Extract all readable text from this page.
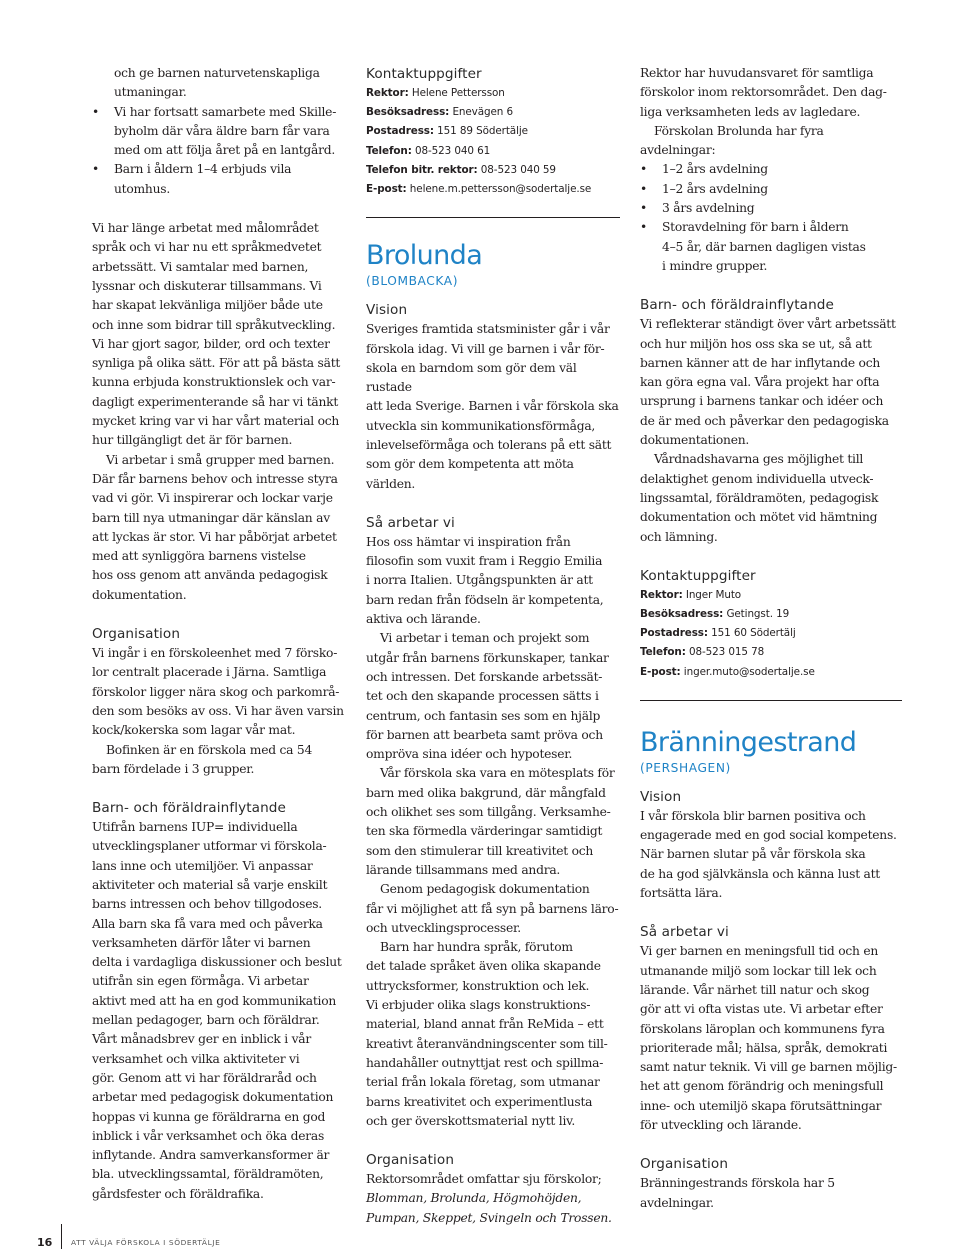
och ge barnen naturvetenskapliga

utmaningar.

• Vi har fortsatt samarbete med Skille-
byholm där våra äldre barn får vara
med om att följa året på en lantgård.
• Barn i åldern 1–4 erbjuds vila
utomhus.

Vi har länge arbetat med målområdet

språk och vi har nu ett språkmedvetet

arbetssätt. Vi samtalar med barnen,

lyssnar och diskuterar tillsammans. Vi

har skapat lekvänliga miljöer både ute

och inne som bidrar till språkutveckling.

Vi har gjort sagor, bilder, ord och texter

synliga på olika sätt. För att på bästa sätt

kunna erbjuda konstruktionslek och var-

dagligt experimenterande så har vi tänkt

mycket kring var vi har vårt material och

hur tillgängligt det är för barnen.

Vi arbetar i små grupper med barnen.

Där får barnens behov och intresse styra

vad vi gör. Vi inspirerar och lockar varje

barn till nya utmaningar där känslan av

att lyckas är stor. Vi har påbörjat arbetet

med att synliggöra barnens vistelse

hos oss genom att använda pedagogisk

dokumentation.

Organisation

Vi ingår i en förskoleenhet med 7 försko-

lor centralt placerade i Järna. Samtliga

förskolor ligger nära skog och parkområ-

den som besöks av oss. Vi har även varsin

kock/kokerska som lagar vår mat.

Bofinken är en förskola med ca 54

barn fördelade i 3 grupper.

Barn- och föräldrainflytande

Utifrån barnens IUP= individuella

utvecklingsplaner utformar vi förskola-

lans inne och utemiljöer. Vi anpassar

aktiviteter och material så varje enskilt

barns intressen och behov tillgodoses.

Alla barn ska få vara med och påverka

verksamheten därför låter vi barnen

delta i vardagliga diskussioner och beslut

utifrån sin egen förmåga. Vi arbetar

aktivt med att ha en god kommunikation

mellan pedagoger, barn och föräldrar.

Vårt månadsbrev ger en inblick i vår

verksamhet och vilka aktiviteter vi

gör. Genom att vi har föräldraråd och

arbetar med pedagogisk dokumentation

hoppas vi kunna ge föräldrarna en god

inblick i vår verksamhet och öka deras

inflytande. Andra samverkansformer är

bla. utvecklingssamtal, föräldramöten,

gårdsfester och föräldrafika.

Kontaktuppgifter
Rektor: Helene Pettersson
Besöksadress: Enevägen 6
Postadress: 151 89 Södertälje
Telefon: 08-523 040 61
Telefon bitr. rektor: 08-523 040 59
E-post: helene.m.pettersson@sodertalje.se
Brolunda
(BLOMBACKA)
Vision

Sveriges framtida statsminister går i vår

förskola idag. Vi vill ge barnen i vår för-

skola en barndom som gör dem väl rustade

att leda Sverige. Barnen i vår förskola ska

utveckla sin kommunikationsförmåga,

inlevelseförmåga och tolerans på ett sätt

som gör dem kompetenta att möta världen.

Så arbetar vi

Hos oss hämtar vi inspiration från

filosofin som vuxit fram i Reggio Emilia

i norra Italien. Utgångspunkten är att

barn redan från födseln är kompetenta,

aktiva och lärande.

Vi arbetar i teman och projekt som

utgår från barnens förkunskaper, tankar

och intressen. Det forskande arbetssät-

tet och den skapande processen sätts i

centrum, och fantasin ses som en hjälp

för barnen att bearbeta samt pröva och

ompröva sina idéer och hypoteser.

Vår förskola ska vara en mötesplats för

barn med olika bakgrund, där mångfald

och olikhet ses som tillgång. Verksamhe-

ten ska förmedla värderingar samtidigt

som den stimulerar till kreativitet och

lärande tillsammans med andra.

Genom pedagogisk dokumentation

får vi möjlighet att få syn på barnens läro-

och utvecklingsprocesser.

Barn har hundra språk, förutom

det talade språket även olika skapande

uttrycksformer, konstruktion och lek.

Vi erbjuder olika slags konstruktions-

material, bland annat från ReMida – ett

kreativt återanvändningscenter som till-

handahåller outnyttjat rest och spillma-

terial från lokala företag, som utmanar

barns kreativitet och experimentlusta

och ger överskottsmaterial nytt liv.

Organisation

Rektorsområdet omfattar sju förskolor;

Blomman, Brolunda, Högmohöjden,

Pumpan, Skeppet, Svingeln och Trossen.

Rektor har huvudansvaret för samtliga

förskolor inom rektorsområdet. Den dag-

liga verksamheten leds av lagledare.

Förskolan Brolunda har fyra

avdelningar:

• 1–2 års avdelning
• 1–2 års avdelning
• 3 års avdelning
• Storavdelning för barn i åldern

4–5 år, där barnen dagligen vistas

i mindre grupper.

Barn- och föräldrainflytande

Vi reflekterar ständigt över vårt arbetssätt

och hur miljön hos oss ska se ut, så att

barnen känner att de har inflytande och

kan göra egna val. Våra projekt har ofta

ursprung i barnens tankar och idéer och

de är med och påverkar den pedagogiska

dokumentationen.

Vårdnadshavarna ges möjlighet till

delaktighet genom individuella utveck-

lingssamtal, föräldramöten, pedagogisk

dokumentation och mötet vid hämtning

och lämning.

Kontaktuppgifter
Rektor: Inger Muto
Besöksadress: Getingst. 19
Postadress: 151 60 Södertälj
Telefon: 08-523 015 78
E-post: inger.muto@sodertalje.se
Bränningestrand
(PERSHAGEN)
Vision

I vår förskola blir barnen positiva och

engagerade med en god social kompetens.

När barnen slutar på vår förskola ska

de ha god självkänsla och känna lust att

fortsätta lära.

Så arbetar vi

Vi ger barnen en meningsfull tid och en

utmanande miljö som lockar till lek och

lärande. Vår närhet till natur och skog

gör att vi ofta vistas ute. Vi arbetar efter

förskolans läroplan och kommunens fyra

prioriterade mål; hälsa, språk, demokrati

samt natur teknik. Vi vill ge barnen möjlig-

het att genom förändrig och meningsfull

inne- och utemiljö skapa förutsättningar

för utveckling och lärande.

Organisation

Bränningestrands förskola har 5 avdelningar.

16	ATT VÄLJA FÖRSKOLA I SÖDERTÄLJE
